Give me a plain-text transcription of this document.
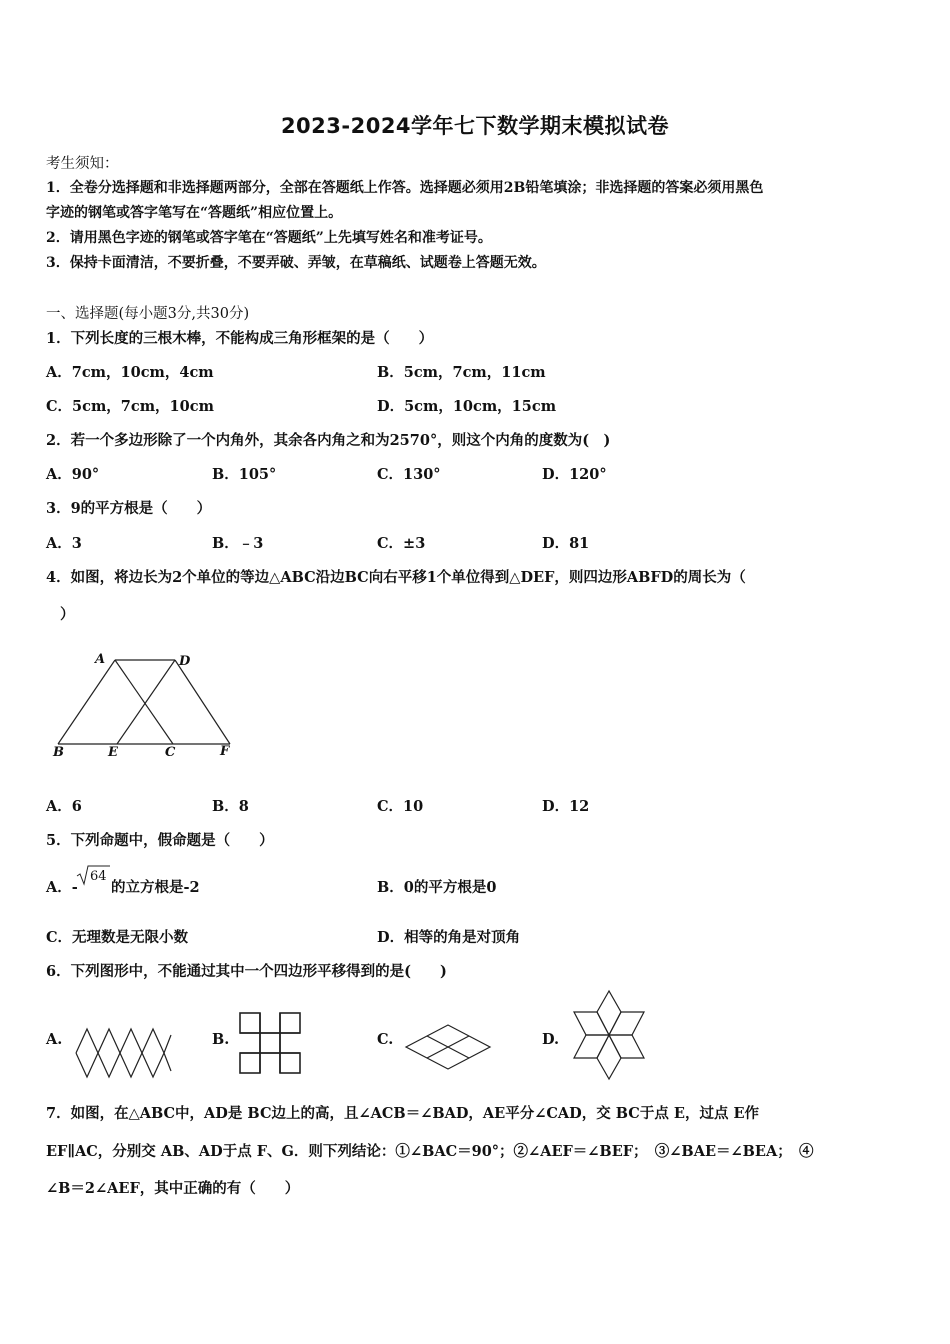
2023-2024学年七下数学期末模拟试卷
考生须知：
1．全卷分选择题和非选择题两部分，全部在答题纸上作答。选择题必须用2B铅笔填涂；非选择题的答案必须用黑色
字迹的钢笔或答字笔写在“答题纸”相应位置上。
2．请用黑色字迹的钢笔或答字笔在“答题纸”上先填写姓名和准考证号。
3．保持卡面清洁，不要折叠，不要弄破、弄皱，在草稿纸、试题卷上答题无效。
一、选择题(每小题3分,共30分)
1．下列长度的三根木棒，不能构成三角形框架的是（　　）
A．7cm，10cm，4cm	B．5cm，7cm，11cm
C．5cm，7cm，10cm	D．5cm，10cm，15cm
2．若一个多边形除了一个内角外，其余各内角之和为2570°，则这个内角的度数为(　)
A．90°	B．105°	C．130°	D．120°
3．9的平方根是（　　）
A．3	B．﹣3	C．±3	D．81
4．如图，将边长为2个单位的等边△ABC沿边BC向右平移1个单位得到△DEF，则四边形ABFD的周长为（
）
A	D
B	E	C	F
A．6	B．8	C．10	D．12
5．下列命题中，假命题是（　　）
A．-
64
的立方根是-2	B．0的平方根是0
C．无理数是无限小数	D．相等的角是对顶角
6．下列图形中，不能通过其中一个四边形平移得到的是(　　)
A.	B.	C.	D.
7．如图，在△ABC中，AD是 BC边上的高，且∠ACB＝∠BAD，AE平分∠CAD，交 BC于点 E，过点 E作
EF∥AC，分别交 AB、AD于点 F、G．则下列结论：①∠BAC＝90°；②∠AEF＝∠BEF；　③∠BAE＝∠BEA；　④
∠B＝2∠AEF，其中正确的有（　　）
